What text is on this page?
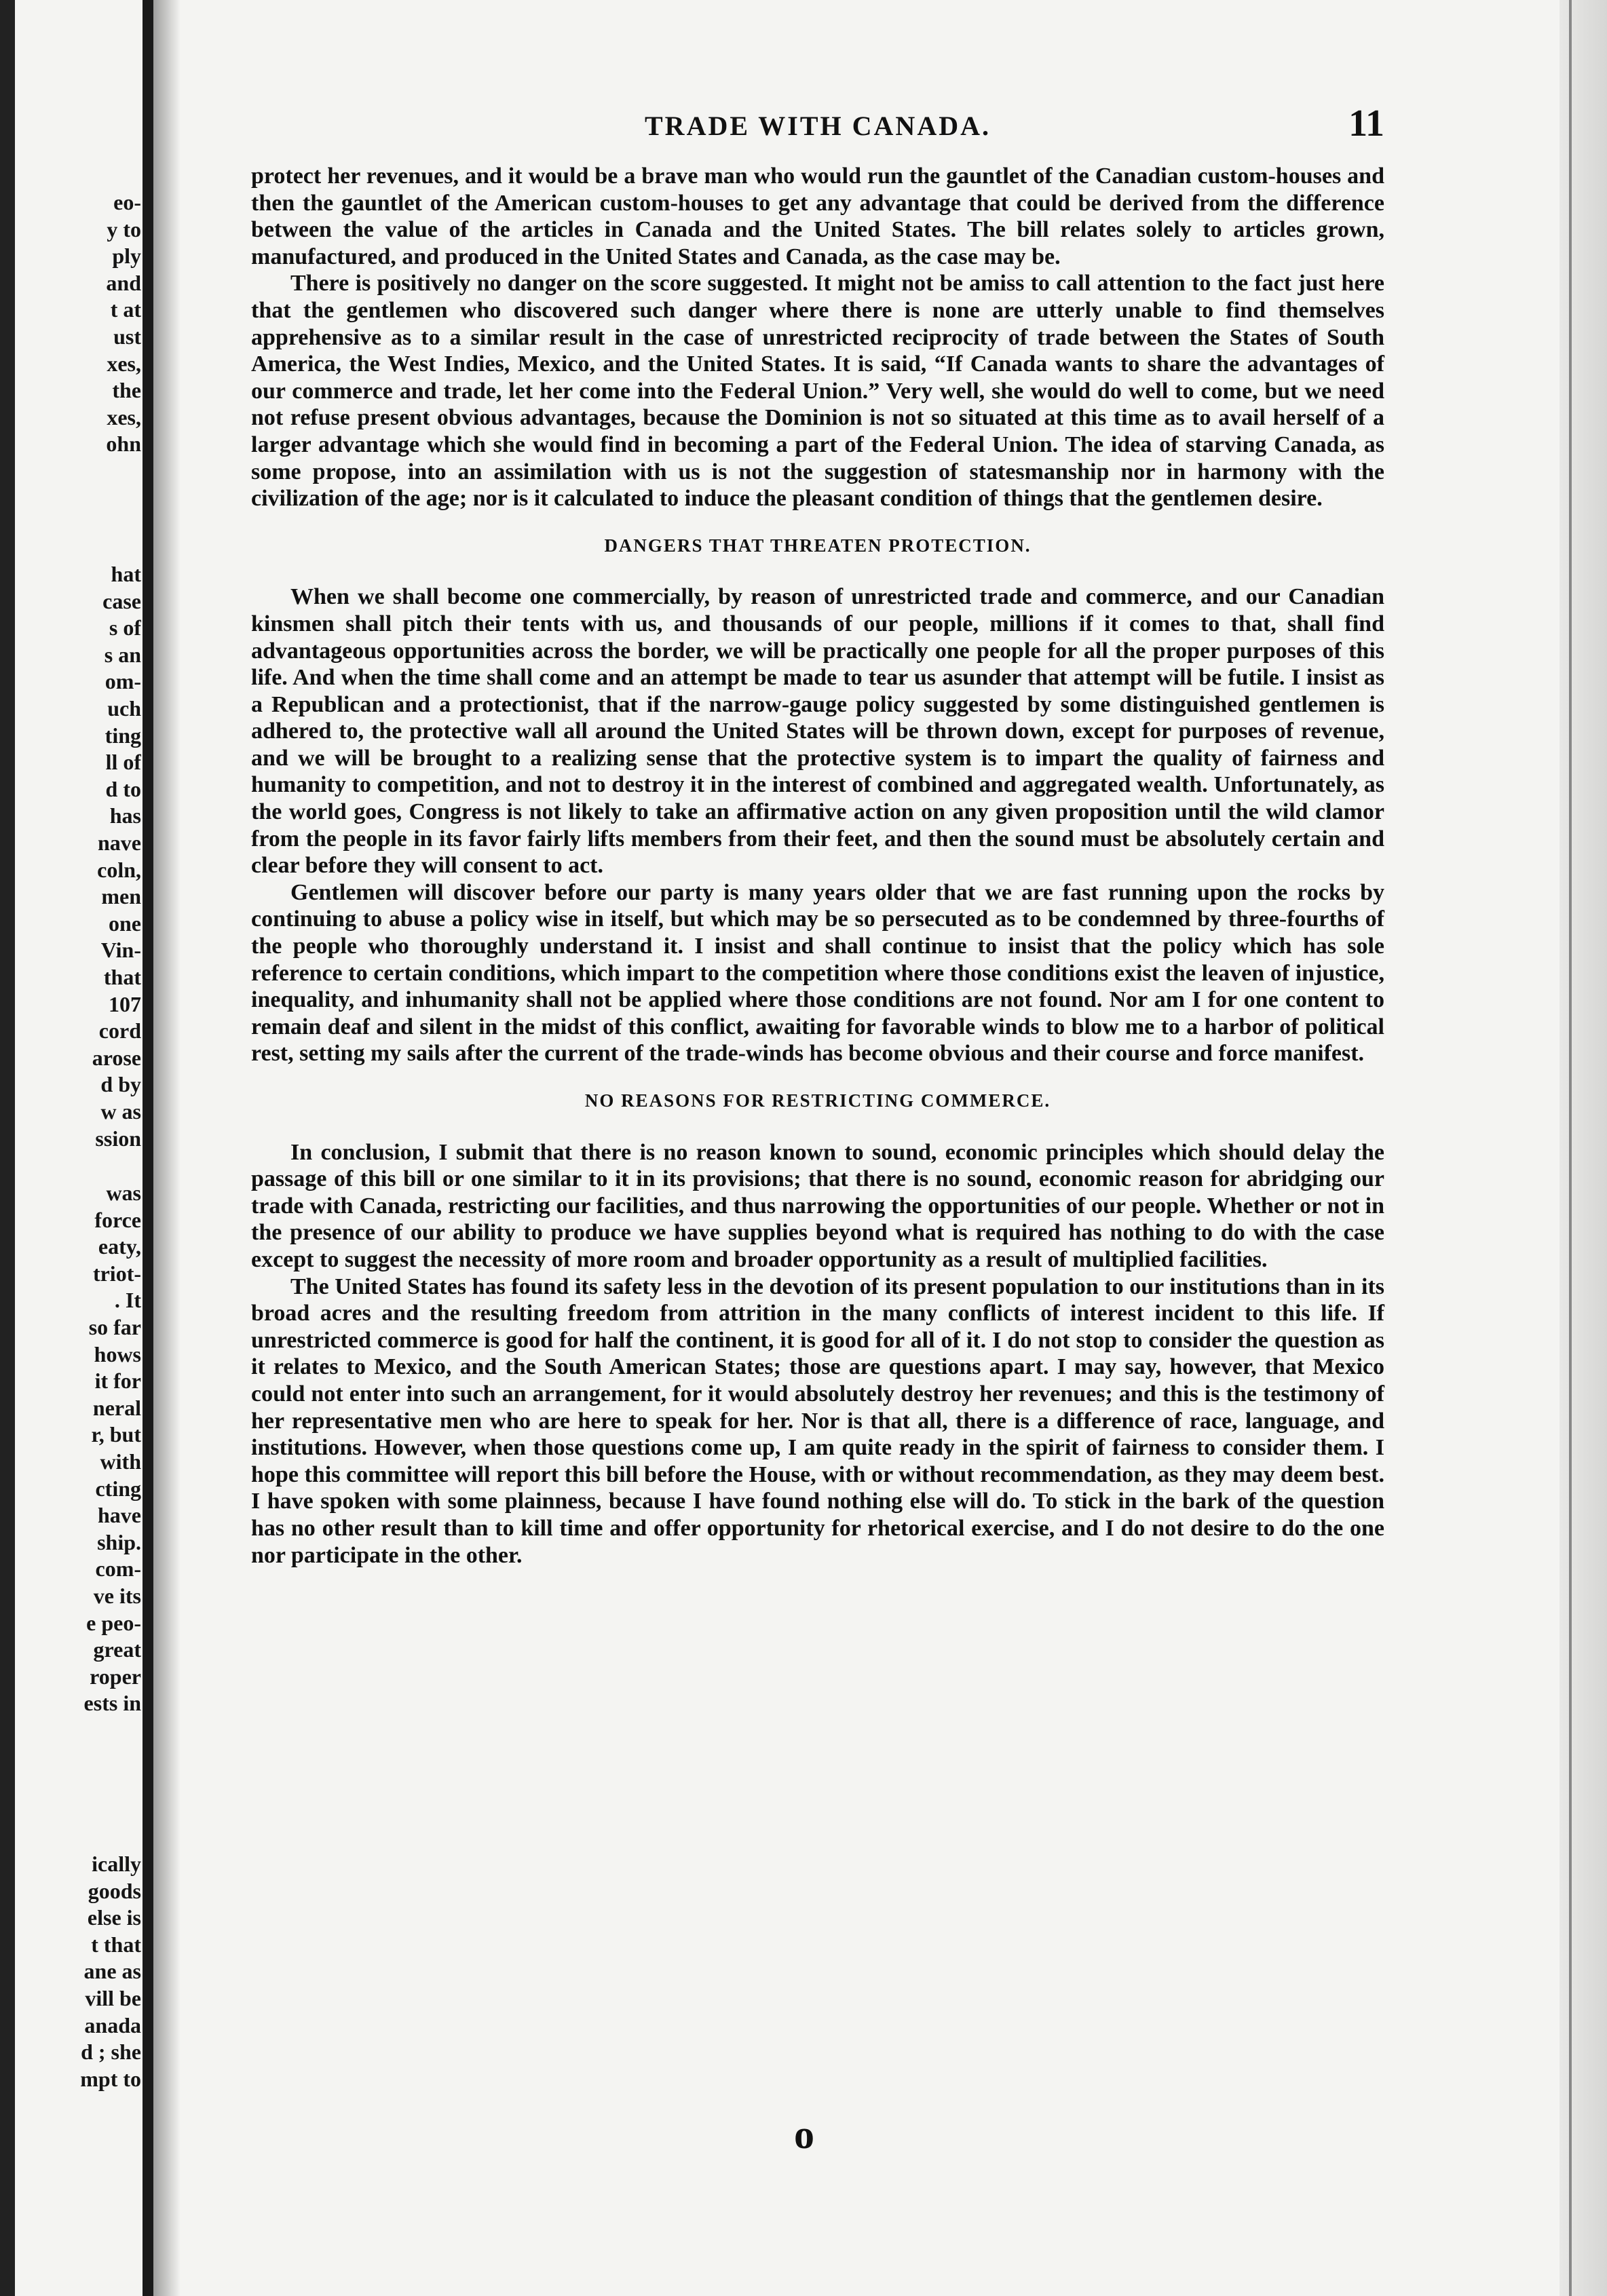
eo-
y to
ply
and
t at
ust
xes,
the
xes,
ohn
hat
case
s of
s an
om-
uch
ting
ll of
d to
has
nave
coln,
men
one
Vin-
that
107
cord
arose
d by
w as
ssion
was
force
eaty,
triot-
. It
so far
hows
it for
neral
r, but
with
cting
have
ship.
com-
ve its
e peo-
great
roper
ests in
ically
goods
else is
t that
ane as
vill be
anada
d ; she
mpt to
TRADE WITH CANADA.	11

protect her revenues, and it would be a brave man who would run the gauntlet of the Canadian custom-houses and then the gauntlet of the American custom-houses to get any advantage that could be derived from the difference between the value of the articles in Canada and the United States. The bill relates solely to articles grown, manufactured, and produced in the United States and Canada, as the case may be.

There is positively no danger on the score suggested. It might not be amiss to call attention to the fact just here that the gentlemen who discovered such danger where there is none are utterly unable to find themselves apprehensive as to a similar result in the case of unrestricted reciprocity of trade between the States of South America, the West Indies, Mexico, and the United States. It is said, “If Canada wants to share the advantages of our commerce and trade, let her come into the Federal Union.” Very well, she would do well to come, but we need not refuse present obvious advantages, because the Dominion is not so situated at this time as to avail herself of a larger advantage which she would find in becoming a part of the Federal Union. The idea of starving Canada, as some propose, into an assimilation with us is not the suggestion of statesmanship nor in harmony with the civilization of the age; nor is it calculated to induce the pleasant condition of things that the gentlemen desire.

DANGERS THAT THREATEN PROTECTION.

When we shall become one commercially, by reason of unrestricted trade and commerce, and our Canadian kinsmen shall pitch their tents with us, and thousands of our people, millions if it comes to that, shall find advantageous opportunities across the border, we will be practically one people for all the proper purposes of this life. And when the time shall come and an attempt be made to tear us asunder that attempt will be futile. I insist as a Republican and a protectionist, that if the narrow-gauge policy suggested by some distinguished gentlemen is adhered to, the protective wall all around the United States will be thrown down, except for purposes of revenue, and we will be brought to a realizing sense that the protective system is to impart the quality of fairness and humanity to competition, and not to destroy it in the interest of combined and aggregated wealth. Unfortunately, as the world goes, Congress is not likely to take an affirmative action on any given proposition until the wild clamor from the people in its favor fairly lifts members from their feet, and then the sound must be absolutely certain and clear before they will consent to act.

Gentlemen will discover before our party is many years older that we are fast running upon the rocks by continuing to abuse a policy wise in itself, but which may be so persecuted as to be condemned by three-fourths of the people who thoroughly understand it. I insist and shall continue to insist that the policy which has sole reference to certain conditions, which impart to the competition where those conditions exist the leaven of injustice, inequality, and inhumanity shall not be applied where those conditions are not found. Nor am I for one content to remain deaf and silent in the midst of this conflict, awaiting for favorable winds to blow me to a harbor of political rest, setting my sails after the current of the trade-winds has become obvious and their course and force manifest.

NO REASONS FOR RESTRICTING COMMERCE.

In conclusion, I submit that there is no reason known to sound, economic principles which should delay the passage of this bill or one similar to it in its provisions; that there is no sound, economic reason for abridging our trade with Canada, restricting our facilities, and thus narrowing the opportunities of our people. Whether or not in the presence of our ability to produce we have supplies beyond what is required has nothing to do with the case except to suggest the necessity of more room and broader opportunity as a result of multiplied facilities.

The United States has found its safety less in the devotion of its present population to our institutions than in its broad acres and the resulting freedom from attrition in the many conflicts of interest incident to this life. If unrestricted commerce is good for half the continent, it is good for all of it. I do not stop to consider the question as it relates to Mexico, and the South American States; those are questions apart. I may say, however, that Mexico could not enter into such an arrangement, for it would absolutely destroy her revenues; and this is the testimony of her representative men who are here to speak for her. Nor is that all, there is a difference of race, language, and institutions. However, when those questions come up, I am quite ready in the spirit of fairness to consider them. I hope this committee will report this bill before the House, with or without recommendation, as they may deem best. I have spoken with some plainness, because I have found nothing else will do. To stick in the bark of the question has no other result than to kill time and offer opportunity for rhetorical exercise, and I do not desire to do the one nor participate in the other.

o
